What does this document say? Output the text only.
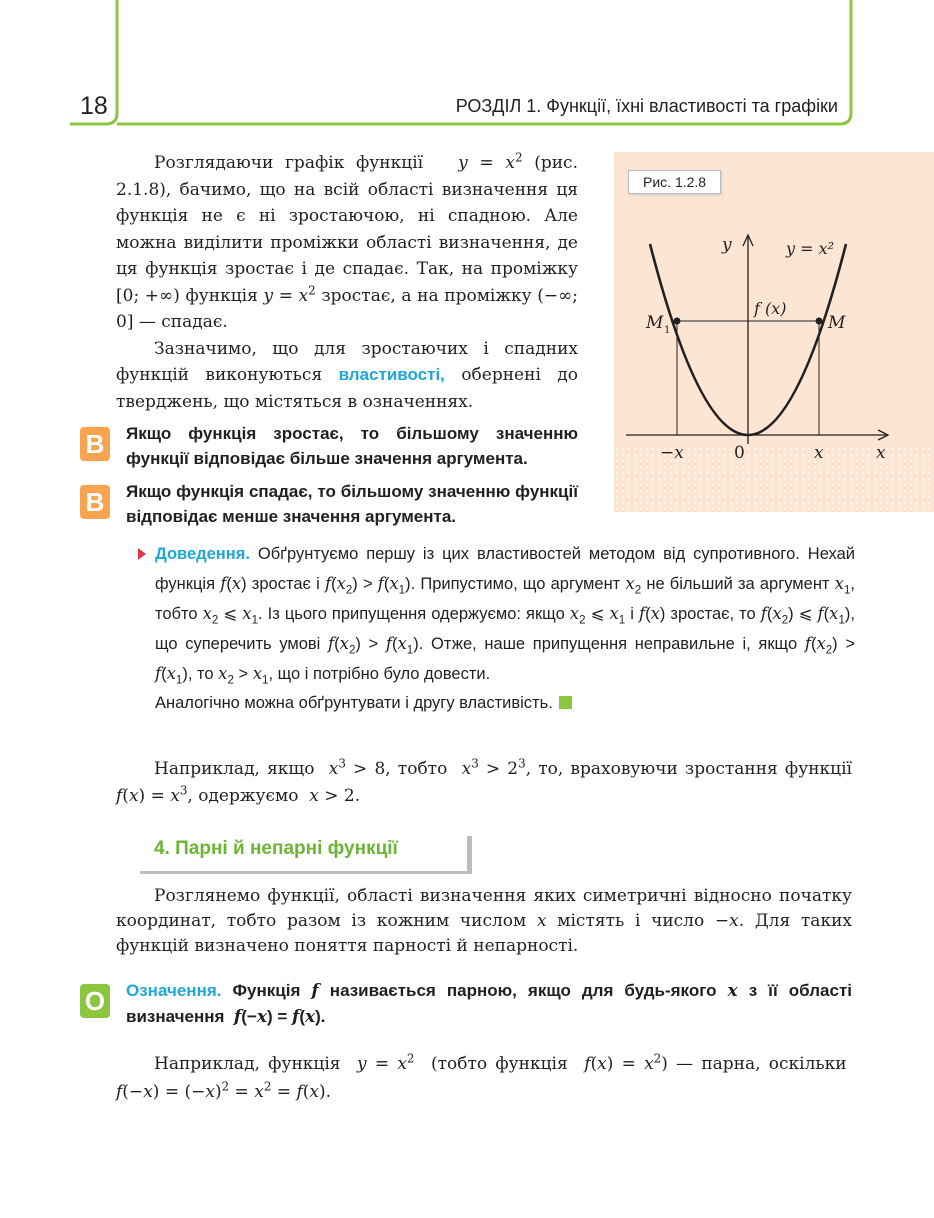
18	РОЗДІЛ 1. Функції, їхні властивості та графіки

Розглядаючи графік функції $y = x^2$ (рис. 2.1.8), бачимо, що на всій області визначення ця функція не є ні зростаючою, ні спадною. Але можна виділити проміжки області визначення, де ця функція зростає і де спадає. Так, на проміжку [0; +∞) функція $y = x^2$ зростає, а на проміжку (−∞; 0] — спадає.

Зазначимо, що для зростаючих і спадних функцій виконуються властивості, обернені до тверджень, що містяться в означеннях.

y	y = x²
f (x)
M 1	M
−x	0	x	x
Рис. 1.2.8
В	Якщо функція зростає, то більшому значенню функції відповідає більше значення аргумента.
В	Якщо функція спадає, то більшому значенню функції відповідає менше значення аргумента.

Доведення. Обґрунтуємо першу із цих властивостей методом від супротивного. Нехай функція f(x) зростає і $f(x_2) > f(x_1)$. Припустимо, що аргумент $x_2$ не більший за аргумент $x_1$, тобто $x_2$ ⩽ $x_1$. Із цього припущення одержуємо: якщо $x_2$ ⩽ $x_1$ і f(x) зростає, то $f(x_2)$ ⩽ $f(x_1)$, що суперечить умові $f(x_2) > f(x_1)$. Отже, наше припущення неправильне і, якщо $f(x_2) > f(x_1)$, то $x_2 > x_1$, що і потрібно було довести.

Аналогічно можна обґрунтувати і другу властивість.

Наприклад, якщо $x^3 > 8$, тобто $x^3 > 2^3$, то, враховуючи зростання функції $f(x) = x^3$, одержуємо x > 2.

4. Парні й непарні функції

Розглянемо функції, області визначення яких симетричні відносно початку координат, тобто разом із кожним числом x містять і число −x. Для таких функцій визначено поняття парності й непарності.

О Означення. Функція f називається парною, якщо для будь-якого x з її області визначення f(−x) = f(x).

Наприклад, функція $y = x^2$ (тобто функція $f(x) = x^2$) — парна, оскільки  $f(-x) = (-x)^2 = x^2 = f(x)$.
